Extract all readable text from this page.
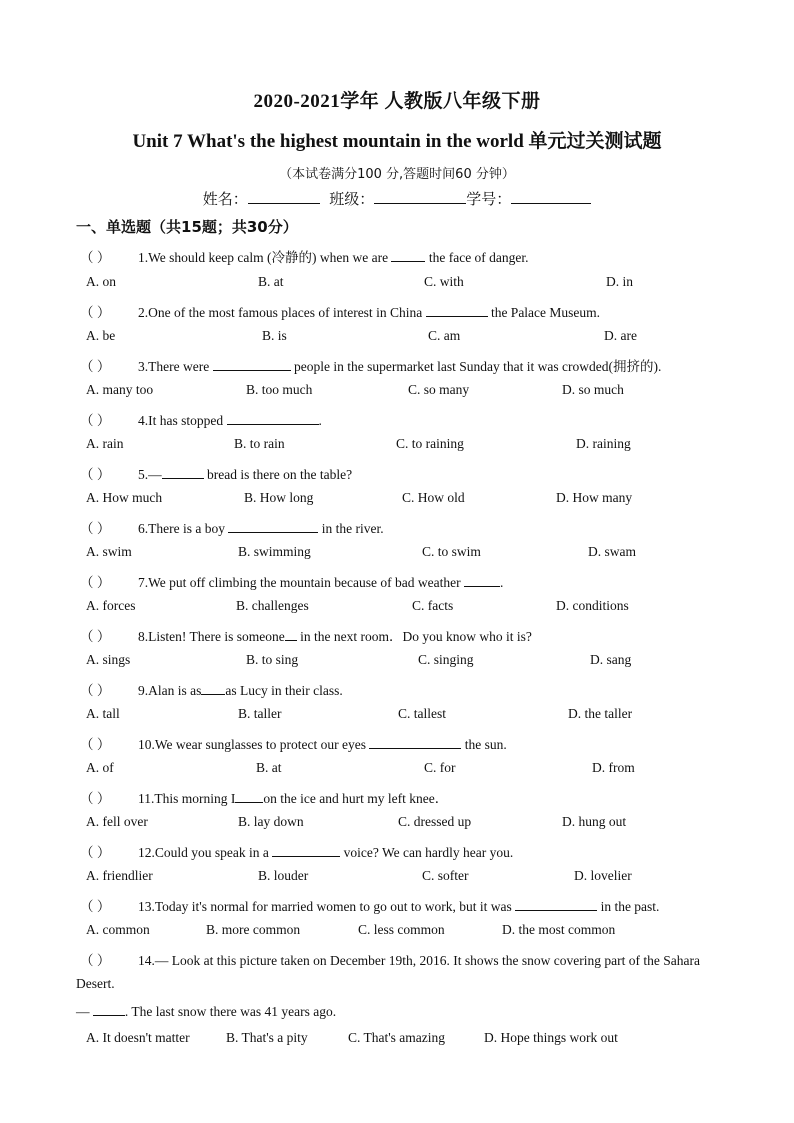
2020-2021学年 人教版八年级下册
Unit 7 What's the highest mountain in the world 单元过关测试题
（本试卷满分100 分,答题时间60 分钟）
姓名：	班级：	学号：
一、单选题（共15题；共30分）
（ ） 1.We should keep calm (冷静的) when we are	the face of danger.
A. on	B. at	C. with	D. in
（ ） 2.One of the most famous places of interest in China	the Palace Museum.
A. be	B. is	C. am	D. are
（ ） 3.There were	people in the supermarket last Sunday that it was crowded(拥挤的).
A. many too	B. too much	C. so many	D. so much
（ ） 4.It has stopped	.
A. rain	B. to rain	C. to raining	D. raining
（ ） 5.—	bread is there on the table?
A. How much	B. How long	C. How old	D. How many
（ ） 6.There is a boy	in the river.
A. swim	B. swimming	C. to swim	D. swam
（ ） 7.We put off climbing the mountain because of bad weather	.
A. forces	B. challenges	C. facts	D. conditions
（ ） 8.Listen! There is someone in the next room．Do you know who it is?
A. sings	B. to sing	C. singing	D. sang
（ ） 9.Alan is as as Lucy in their class.
A. tall	B. taller	C. tallest	D. the taller
（ ） 10.We wear sunglasses to protect our eyes	the sun.
A. of	B. at	C. for	D. from
（ ） 11.This morning I on the ice and hurt my left knee．
A. fell over	B. lay down	C. dressed up	D. hung out
（ ） 12.Could you speak in a	voice? We can hardly hear you.
A. friendlier	B. louder	C. softer	D. lovelier
（ ） 13.Today it's normal for married women to go out to work, but it was	in the past.
A. common	B. more common	C. less common	D. the most common
（ ） 14.— Look at this picture taken on December 19th, 2016. It shows the snow covering part of the Sahara
Desert.
— . The last snow there was 41 years ago.
A. It doesn't matter	B. That's a pity	C. That's amazing	D. Hope things work out
